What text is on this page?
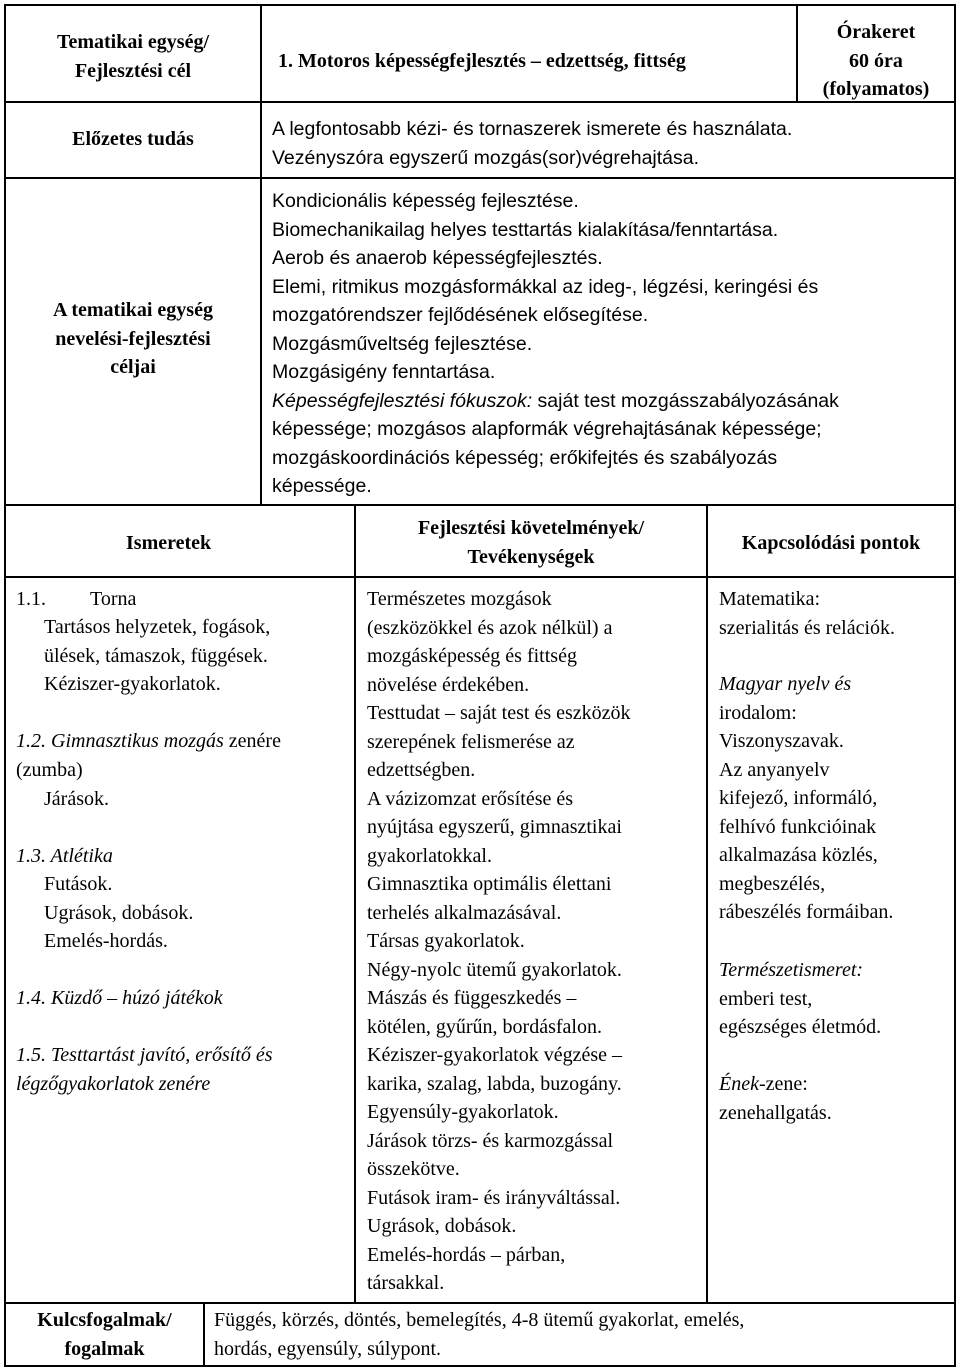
Tematikai egység/
Fejlesztési cél	1. Motoros képességfejlesztés – edzettség, fittség
Órakeret
60 óra
(folyamatos)
Előzetes tudás	A legfontosabb kézi- és tornaszerek ismerete és használata.
Vezényszóra egyszerű mozgás(sor)végrehajtása.
A tematikai egység
nevelési-fejlesztési
céljai
Kondicionális képesség fejlesztése.
Biomechanikailag helyes testtartás kialakítása/fenntartása.
Aerob és anaerob képességfejlesztés.
Elemi, ritmikus mozgásformákkal az ideg-, légzési, keringési és
mozgatórendszer fejlődésének elősegítése.
Mozgásműveltség fejlesztése.
Mozgásigény fenntartása.
Képességfejlesztési fókuszok: saját test mozgásszabályozásának
képessége; mozgásos alapformák végrehajtásának képessége;
mozgáskoordinációs képesség; erőkifejtés és szabályozás
képessége.
Ismeretek
Fejlesztési követelmények/
Tevékenységek
Kapcsolódási pontok
1.1. Torna
Tartásos helyzetek, fogások,
ülések, támaszok, függések.
Kéziszer-gyakorlatok.
1.2. Gimnasztikus mozgás zenére
(zumba)
Járások.
1.3. Atlétika
Futások.
Ugrások, dobások.
Emelés-hordás.
1.4. Küzdő – húzó játékok
1.5. Testtartást javító, erősítő és
légzőgyakorlatok zenére
Természetes mozgások
(eszközökkel és azok nélkül) a
mozgásképesség és fittség
növelése érdekében.
Testtudat – saját test és eszközök
szerepének felismerése az
edzettségben.
A vázizomzat erősítése és
nyújtása egyszerű, gimnasztikai
gyakorlatokkal.
Gimnasztika optimális élettani
terhelés alkalmazásával.
Társas gyakorlatok.
Négy-nyolc ütemű gyakorlatok.
Mászás és függeszkedés –
kötélen, gyűrűn, bordásfalon.
Kéziszer-gyakorlatok végzése –
karika, szalag, labda, buzogány.
Egyensúly-gyakorlatok.
Járások törzs- és karmozgással
összekötve.
Futások iram- és irányváltással.
Ugrások, dobások.
Emelés-hordás – párban,
társakkal.
Matematika:
szerialitás és relációk.
Magyar nyelv és
irodalom:
Viszonyszavak.
Az anyanyelv
kifejező, informáló,
felhívó funkcióinak
alkalmazása közlés,
megbeszélés,
rábeszélés formáiban.
Természetismeret:
emberi test,
egészséges életmód.
Ének-zene:
zenehallgatás.
Kulcsfogalmak/
fogalmak
Függés, körzés, döntés, bemelegítés, 4-8 ütemű gyakorlat, emelés,
hordás, egyensúly, súlypont.
